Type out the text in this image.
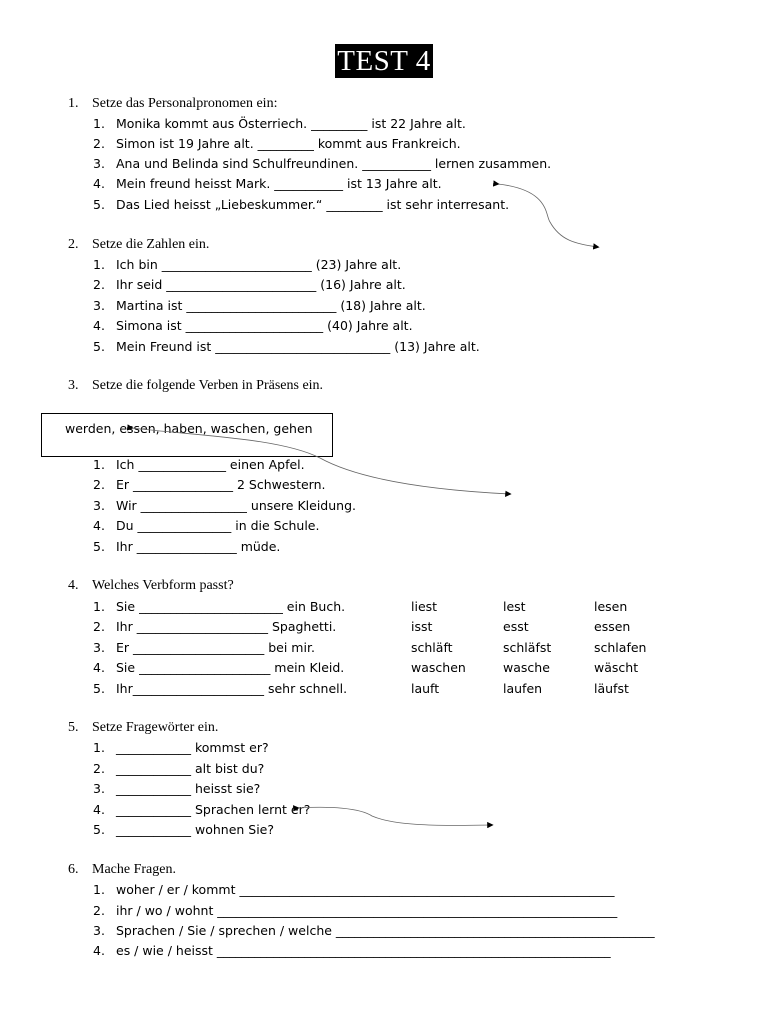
TEST 4
1. Setze das Personalpronomen ein:
1. Monika kommt aus Österriech. _________ ist 22 Jahre alt.
2. Simon ist 19 Jahre alt. _________ kommt aus Frankreich.
3. Ana und Belinda sind Schulfreundinen. ___________ lernen zusammen.
4. Mein freund heisst Mark. ___________ ist 13 Jahre alt.
5. Das Lied heisst „Liebeskummer.“ _________ ist sehr interresant.
2. Setze die Zahlen ein.
1. Ich bin ________________________ (23) Jahre alt.
2. Ihr seid ________________________ (16) Jahre alt.
3. Martina ist ________________________ (18) Jahre alt.
4. Simona ist ______________________ (40) Jahre alt.
5. Mein Freund ist ____________________________ (13) Jahre alt.
3. Setze die folgende Verben in Präsens ein.
werden, essen, haben, waschen, gehen
1. Ich ______________ einen Apfel.
2. Er ________________ 2 Schwestern.
3. Wir _________________ unsere Kleidung.
4. Du _______________ in die Schule.
5. Ihr ________________ müde.
4. Welches Verbform passt?
1. Sie _______________________ ein Buch.	liest	lest	lesen
2. Ihr _____________________ Spaghetti.	isst	esst	essen
3. Er _____________________ bei mir.	schläft	schläfst	schlafen
4. Sie _____________________ mein Kleid.	waschen	wasche	wäscht
5. Ihr_____________________ sehr schnell.	lauft	laufen	läufst
5. Setze Fragewörter ein.
1. ____________ kommst er?
2. ____________ alt bist du?
3. ____________ heisst sie?
4. ____________ Sprachen lernt er?
5. ____________ wohnen Sie?
6. Mache Fragen.
1. woher / er / kommt ____________________________________________________________
2. ihr / wo / wohnt ________________________________________________________________
3. Sprachen / Sie / sprechen / welche ___________________________________________________
4. es / wie / heisst _______________________________________________________________
